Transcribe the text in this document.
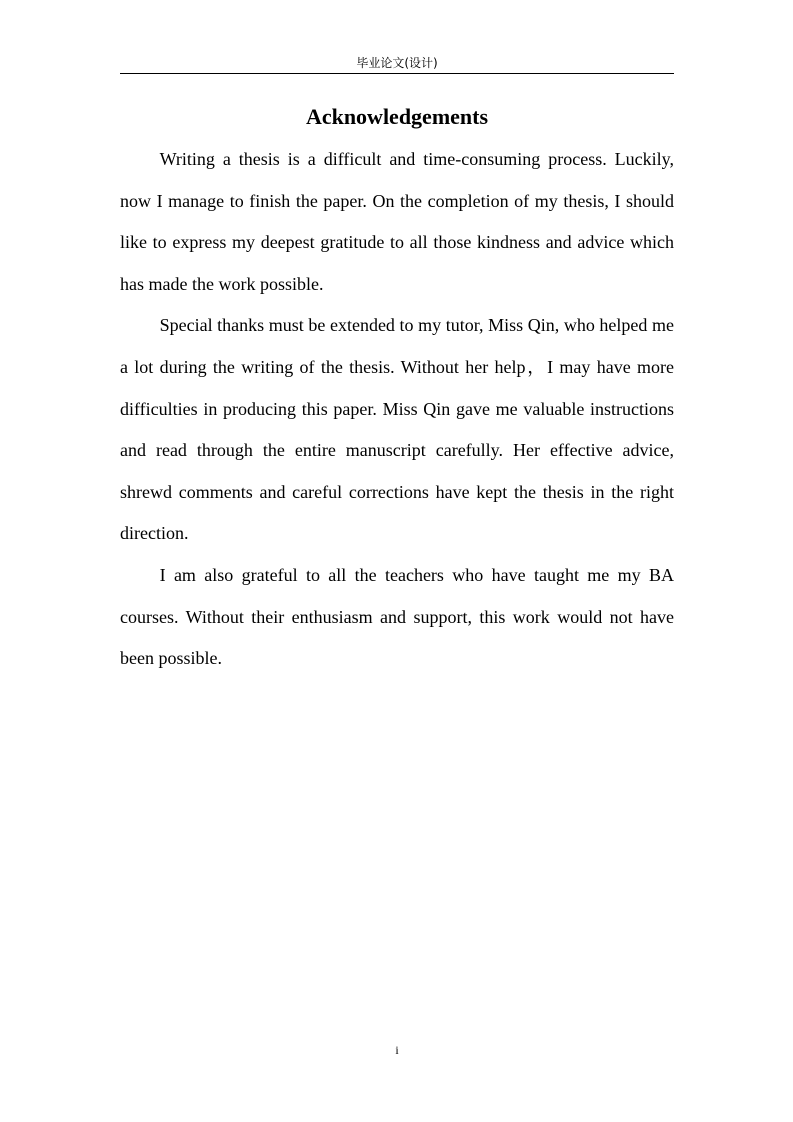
毕业论文(设计)
Acknowledgements

Writing a thesis is a difficult and time-consuming process. Luckily, now I manage to finish the paper. On the completion of my thesis, I should like to express my deepest gratitude to all those kindness and advice which has made the work possible.

Special thanks must be extended to my tutor, Miss Qin, who helped me a lot during the writing of the thesis. Without her help，I may have more difficulties in producing this paper. Miss Qin gave me valuable instructions and read through the entire manuscript carefully. Her effective advice, shrewd comments and careful corrections have kept the thesis in the right direction.

I am also grateful to all the teachers who have taught me my BA courses. Without their enthusiasm and support, this work would not have been possible.

i
